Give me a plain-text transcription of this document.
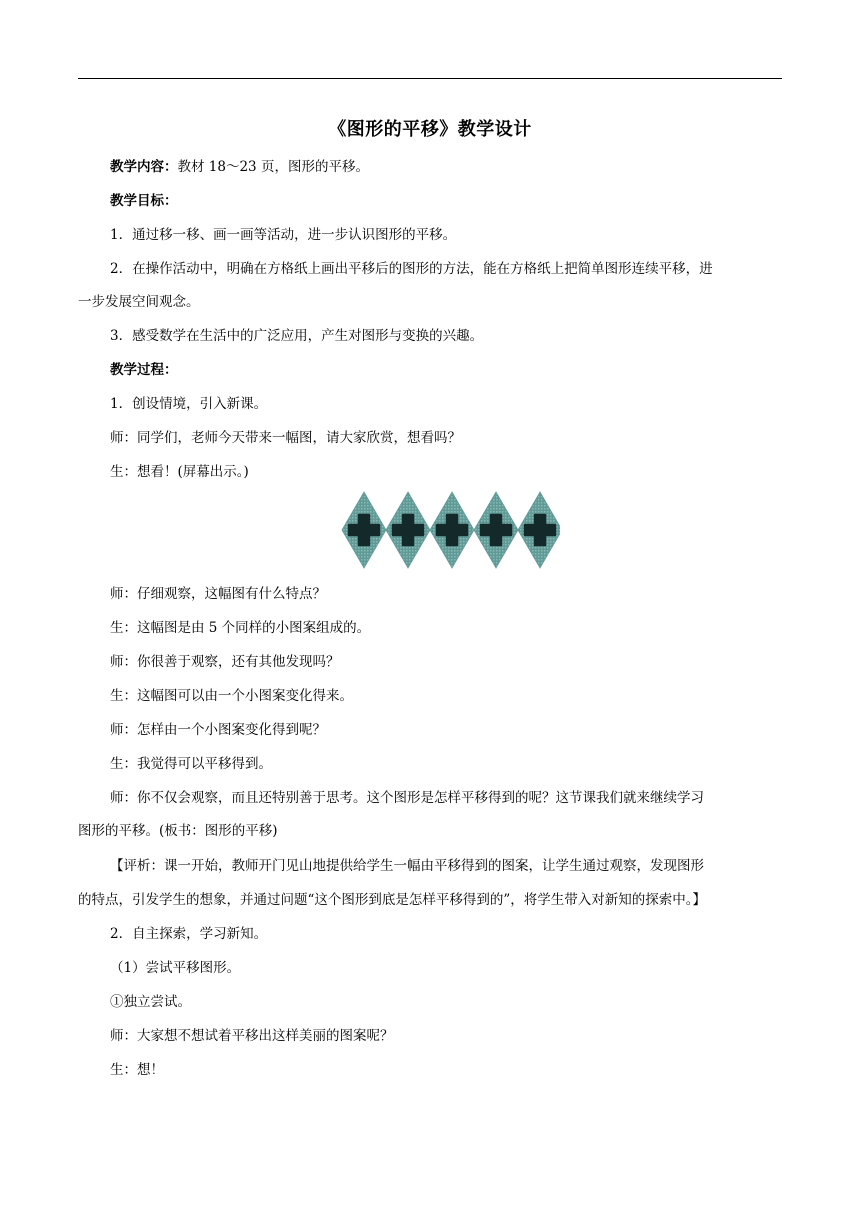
《图形的平移》教学设计

教学内容：教材 18～23 页，图形的平移。

教学目标：

1．通过移一移、画一画等活动，进一步认识图形的平移。

2．在操作活动中，明确在方格纸上画出平移后的图形的方法，能在方格纸上把简单图形连续平移，进

一步发展空间观念。

3．感受数学在生活中的广泛应用，产生对图形与变换的兴趣。

教学过程：

1．创设情境，引入新课。

师：同学们，老师今天带来一幅图，请大家欣赏，想看吗？

生：想看！(屏幕出示。)

师：仔细观察，这幅图有什么特点？

生：这幅图是由 5 个同样的小图案组成的。

师：你很善于观察，还有其他发现吗？

生：这幅图可以由一个小图案变化得来。

师：怎样由一个小图案变化得到呢？

生：我觉得可以平移得到。

师：你不仅会观察，而且还特别善于思考。这个图形是怎样平移得到的呢？这节课我们就来继续学习

图形的平移。(板书：图形的平移)

【评析：课一开始，教师开门见山地提供给学生一幅由平移得到的图案，让学生通过观察，发现图形

的特点，引发学生的想象，并通过问题“这个图形到底是怎样平移得到的”，将学生带入对新知的探索中。】

2．自主探索，学习新知。

（1）尝试平移图形。

①独立尝试。

师：大家想不想试着平移出这样美丽的图案呢？

生：想！
